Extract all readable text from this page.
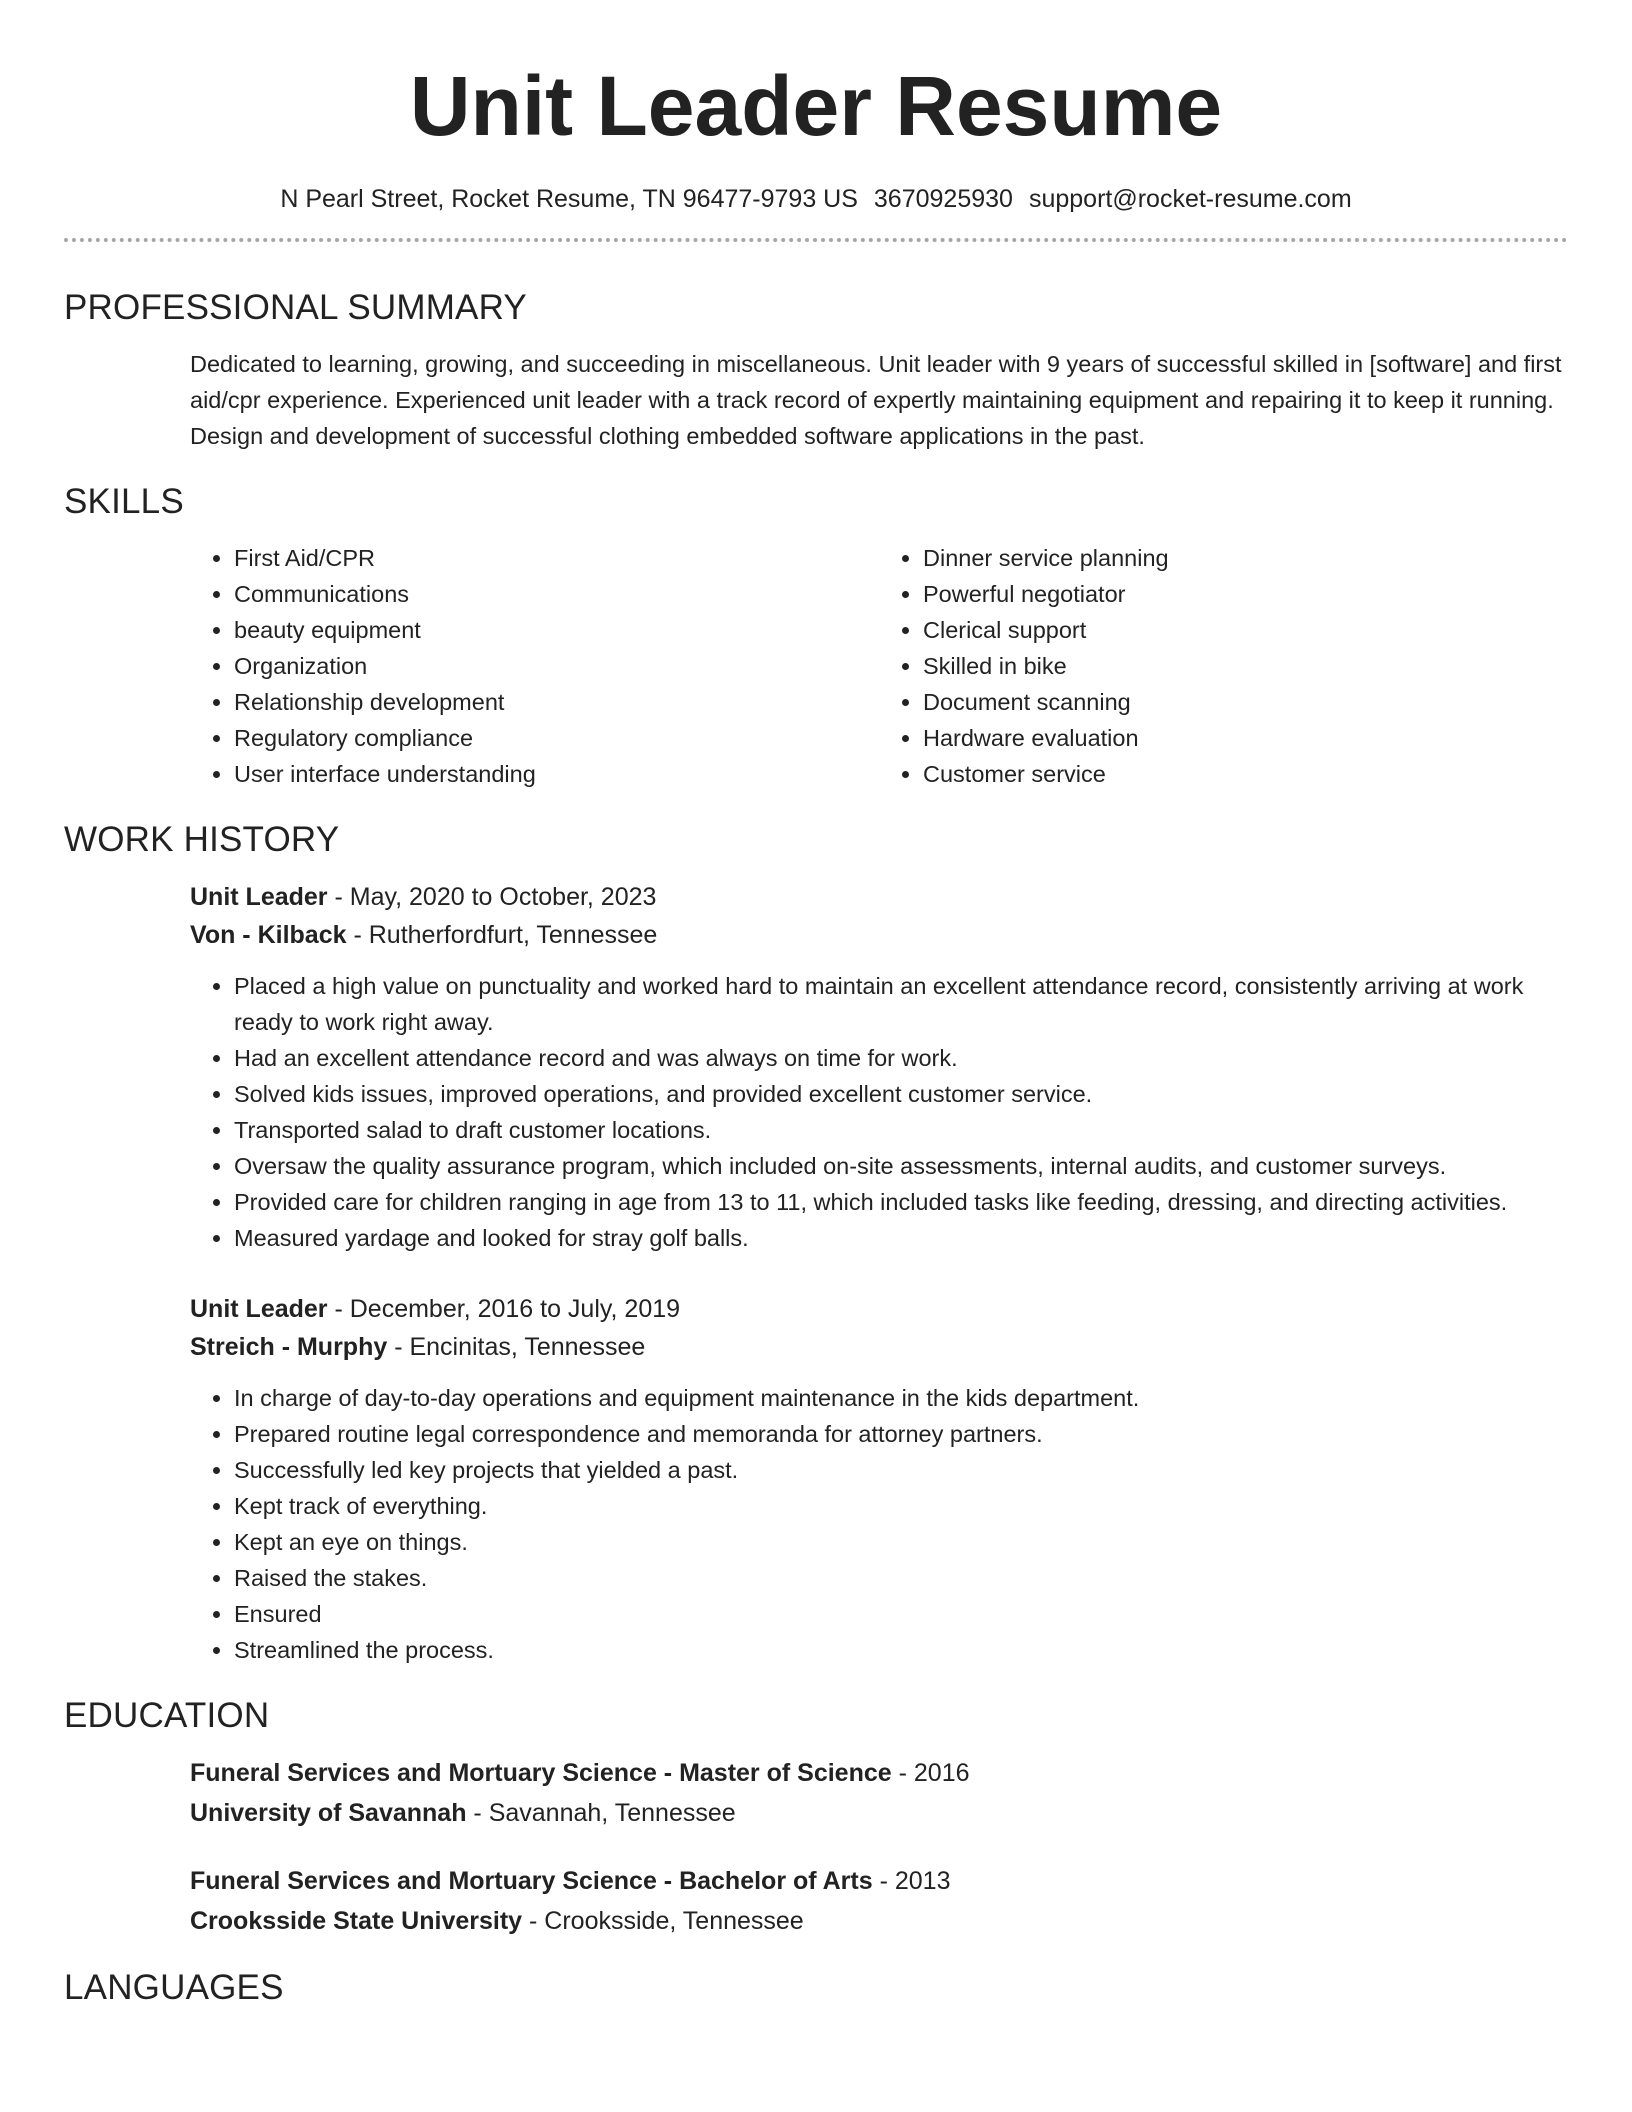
Unit Leader Resume
N Pearl Street, Rocket Resume, TN 96477-9793 US 3670925930 support@rocket-resume.com
PROFESSIONAL SUMMARY
Dedicated to learning, growing, and succeeding in miscellaneous. Unit leader with 9 years of successful skilled in [software] and first aid/cpr experience. Experienced unit leader with a track record of expertly maintaining equipment and repairing it to keep it running. Design and development of successful clothing embedded software applications in the past.
SKILLS
• First Aid/CPR
• Communications
• beauty equipment
• Organization
• Relationship development
• Regulatory compliance
• User interface understanding
• Dinner service planning
• Powerful negotiator
• Clerical support
• Skilled in bike
• Document scanning
• Hardware evaluation
• Customer service
WORK HISTORY
Unit Leader - May, 2020 to October, 2023
Von - Kilback - Rutherfordfurt, Tennessee
• Placed a high value on punctuality and worked hard to maintain an excellent attendance record, consistently arriving at work ready to work right away.
• Had an excellent attendance record and was always on time for work.
• Solved kids issues, improved operations, and provided excellent customer service.
• Transported salad to draft customer locations.
• Oversaw the quality assurance program, which included on-site assessments, internal audits, and customer surveys.
• Provided care for children ranging in age from 13 to 11, which included tasks like feeding, dressing, and directing activities.
• Measured yardage and looked for stray golf balls.
Unit Leader - December, 2016 to July, 2019
Streich - Murphy - Encinitas, Tennessee
• In charge of day-to-day operations and equipment maintenance in the kids department.
• Prepared routine legal correspondence and memoranda for attorney partners.
• Successfully led key projects that yielded a past.
• Kept track of everything.
• Kept an eye on things.
• Raised the stakes.
• Ensured
• Streamlined the process.
EDUCATION
Funeral Services and Mortuary Science - Master of Science - 2016
University of Savannah - Savannah, Tennessee
Funeral Services and Mortuary Science - Bachelor of Arts - 2013
Crooksside State University - Crooksside, Tennessee
LANGUAGES
